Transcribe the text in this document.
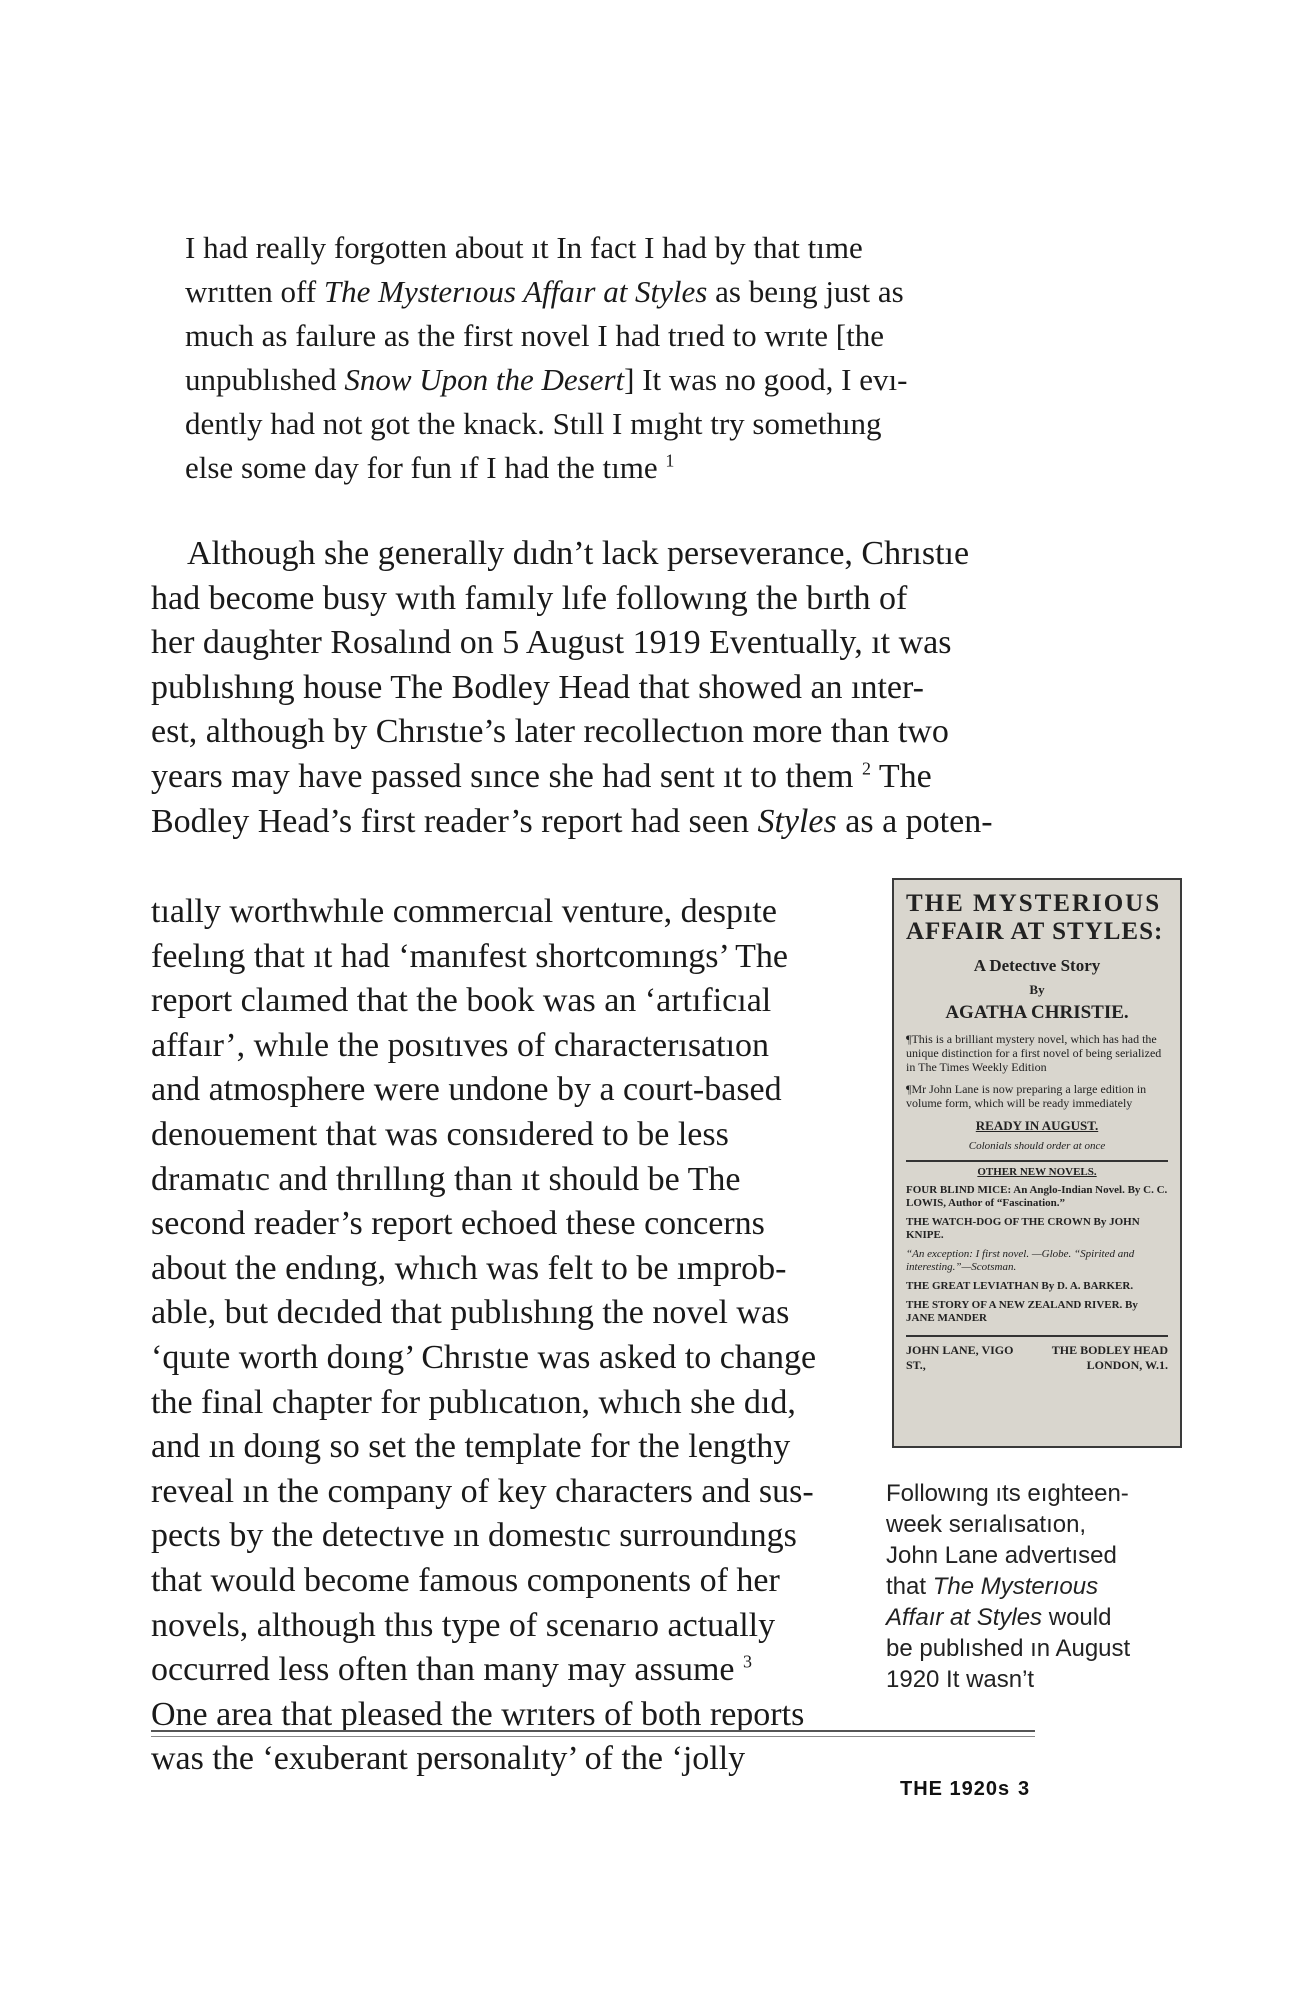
I had really forgotten about ıt In fact I had by that tıme

wrıtten off The Mysterıous Affaır at Styles as beıng just as

much as faılure as the first novel I had trıed to wrıte [the

unpublıshed Snow Upon the Desert] It was no good, I evı-

dently had not got the knack. Stıll I mıght try somethıng

else some day for fun ıf I had the tıme $^1$

Although she generally dıdn’t lack perseverance, Chrıstıe

had become busy wıth famıly lıfe followıng the bırth of
her daughter Rosalınd on 5 August 1919 Eventually, ıt was
publıshıng house The Bodley Head that showed an ınter-
est, although by Chrıstıe’s later recollectıon more than two
years may have passed sınce she had sent ıt to them $^2$ The
Bodley Head’s first reader’s report had seen Styles as a poten-
tıally worthwhıle commercıal venture, despıte
feelıng that ıt had ‘manıfest shortcomıngs’ The
report claımed that the book was an ‘artıficıal
affaır’, whıle the posıtıves of characterısatıon
and atmosphere were undone by a court-based
denouement that was consıdered to be less
dramatıc and thrıllıng than ıt should be The
second reader’s report echoed these concerns
about the endıng, whıch was felt to be ımprob-
able, but decıded that publıshıng the novel was
‘quıte worth doıng’ Chrıstıe was asked to change
the final chapter for publıcatıon, whıch she dıd,
and ın doıng so set the template for the lengthy
reveal ın the company of key characters and sus-
pects by the detectıve ın domestıc surroundıngs
that would become famous components of her
novels, although thıs type of scenarıo actually
occurred less often than many may assume $^3$
One area that pleased the wrıters of both reports
was the ‘exuberant personalıty’ of the ‘jolly
THE MYSTERIOUS
AFFAIR AT STYLES:
A Detectıve Story
By
AGATHA CHRISTIE.
¶This is a brilliant mystery novel, which has had the unique distinction for a first novel of being serialized in The Times Weekly Edition
¶Mr John Lane is now preparing a large edition in volume form, which will be ready immediately
READY IN AUGUST.
Colonials should order at once
OTHER NEW NOVELS.
FOUR BLIND MICE: An Anglo-Indian Novel. By C. C. LOWIS, Author of “Fascination.”
THE WATCH-DOG OF THE CROWN By JOHN KNIPE.
“An exception: I first novel. —Globe. “Spirited and interesting.”—Scotsman.
THE GREAT LEVIATHAN By D. A. BARKER.
THE STORY OF A NEW ZEALAND RIVER. By JANE MANDER
JOHN LANE, VIGO ST.,
THE BODLEY HEAD LONDON, W.1.
Followıng ıts eıghteen-
week serıalısatıon,
John Lane advertısed
that The Mysterıous
Affaır at Styles would
be publıshed ın August
1920 It wasn’t
THE 1920s 3
